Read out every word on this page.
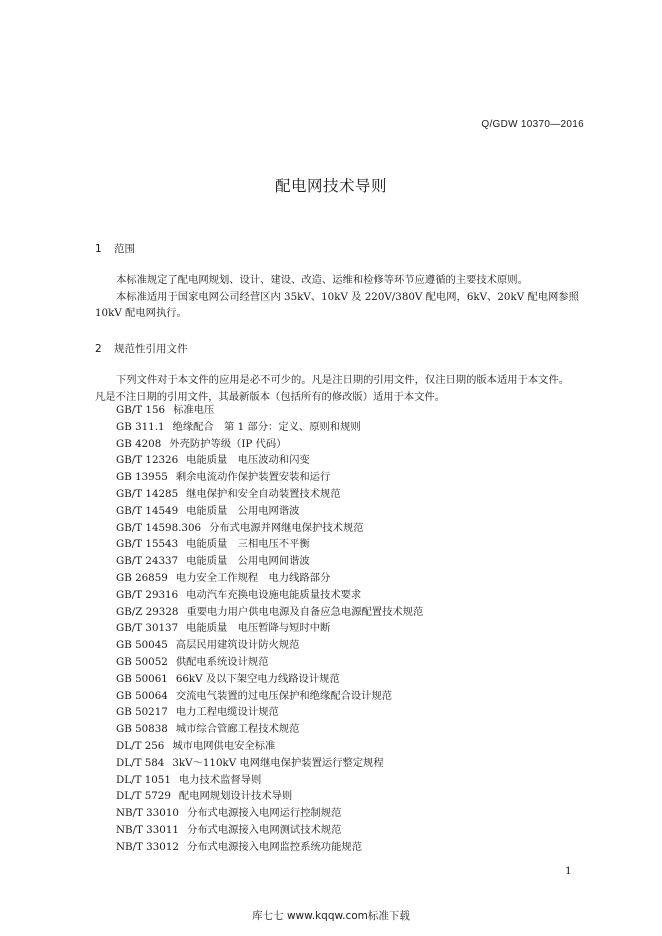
Q/GDW 10370—2016
配电网技术导则
1 范围
本标准规定了配电网规划、设计、建设、改造、运维和检修等环节应遵循的主要技术原则。
本标准适用于国家电网公司经营区内 35kV、10kV 及 220V/380V 配电网，6kV、20kV 配电网参照
10kV 配电网执行。
2 规范性引用文件
下列文件对于本文件的应用是必不可少的。凡是注日期的引用文件，仅注日期的版本适用于本文件。
凡是不注日期的引用文件，其最新版本（包括所有的修改版）适用于本文件。
GB/T 156 标准电压
GB 311.1 绝缘配合　第 1 部分：定义、原则和规则
GB 4208 外壳防护等级（IP 代码）
GB/T 12326 电能质量　电压波动和闪变
GB 13955 剩余电流动作保护装置安装和运行
GB/T 14285 继电保护和安全自动装置技术规范
GB/T 14549 电能质量　公用电网谐波
GB/T 14598.306 分布式电源并网继电保护技术规范
GB/T 15543 电能质量　三相电压不平衡
GB/T 24337 电能质量　公用电网间谐波
GB 26859 电力安全工作规程　电力线路部分
GB/T 29316 电动汽车充换电设施电能质量技术要求
GB/Z 29328 重要电力用户供电电源及自备应急电源配置技术规范
GB/T 30137 电能质量　电压暂降与短时中断
GB 50045 高层民用建筑设计防火规范
GB 50052 供配电系统设计规范
GB 50061 66kV 及以下架空电力线路设计规范
GB 50064 交流电气装置的过电压保护和绝缘配合设计规范
GB 50217 电力工程电缆设计规范
GB 50838 城市综合管廊工程技术规范
DL/T 256 城市电网供电安全标准
DL/T 584 3kV～110kV 电网继电保护装置运行整定规程
DL/T 1051 电力技术监督导则
DL/T 5729 配电网规划设计技术导则
NB/T 33010 分布式电源接入电网运行控制规范
NB/T 33011 分布式电源接入电网测试技术规范
NB/T 33012 分布式电源接入电网监控系统功能规范
1
库七七 www.kqqw.com标准下载
